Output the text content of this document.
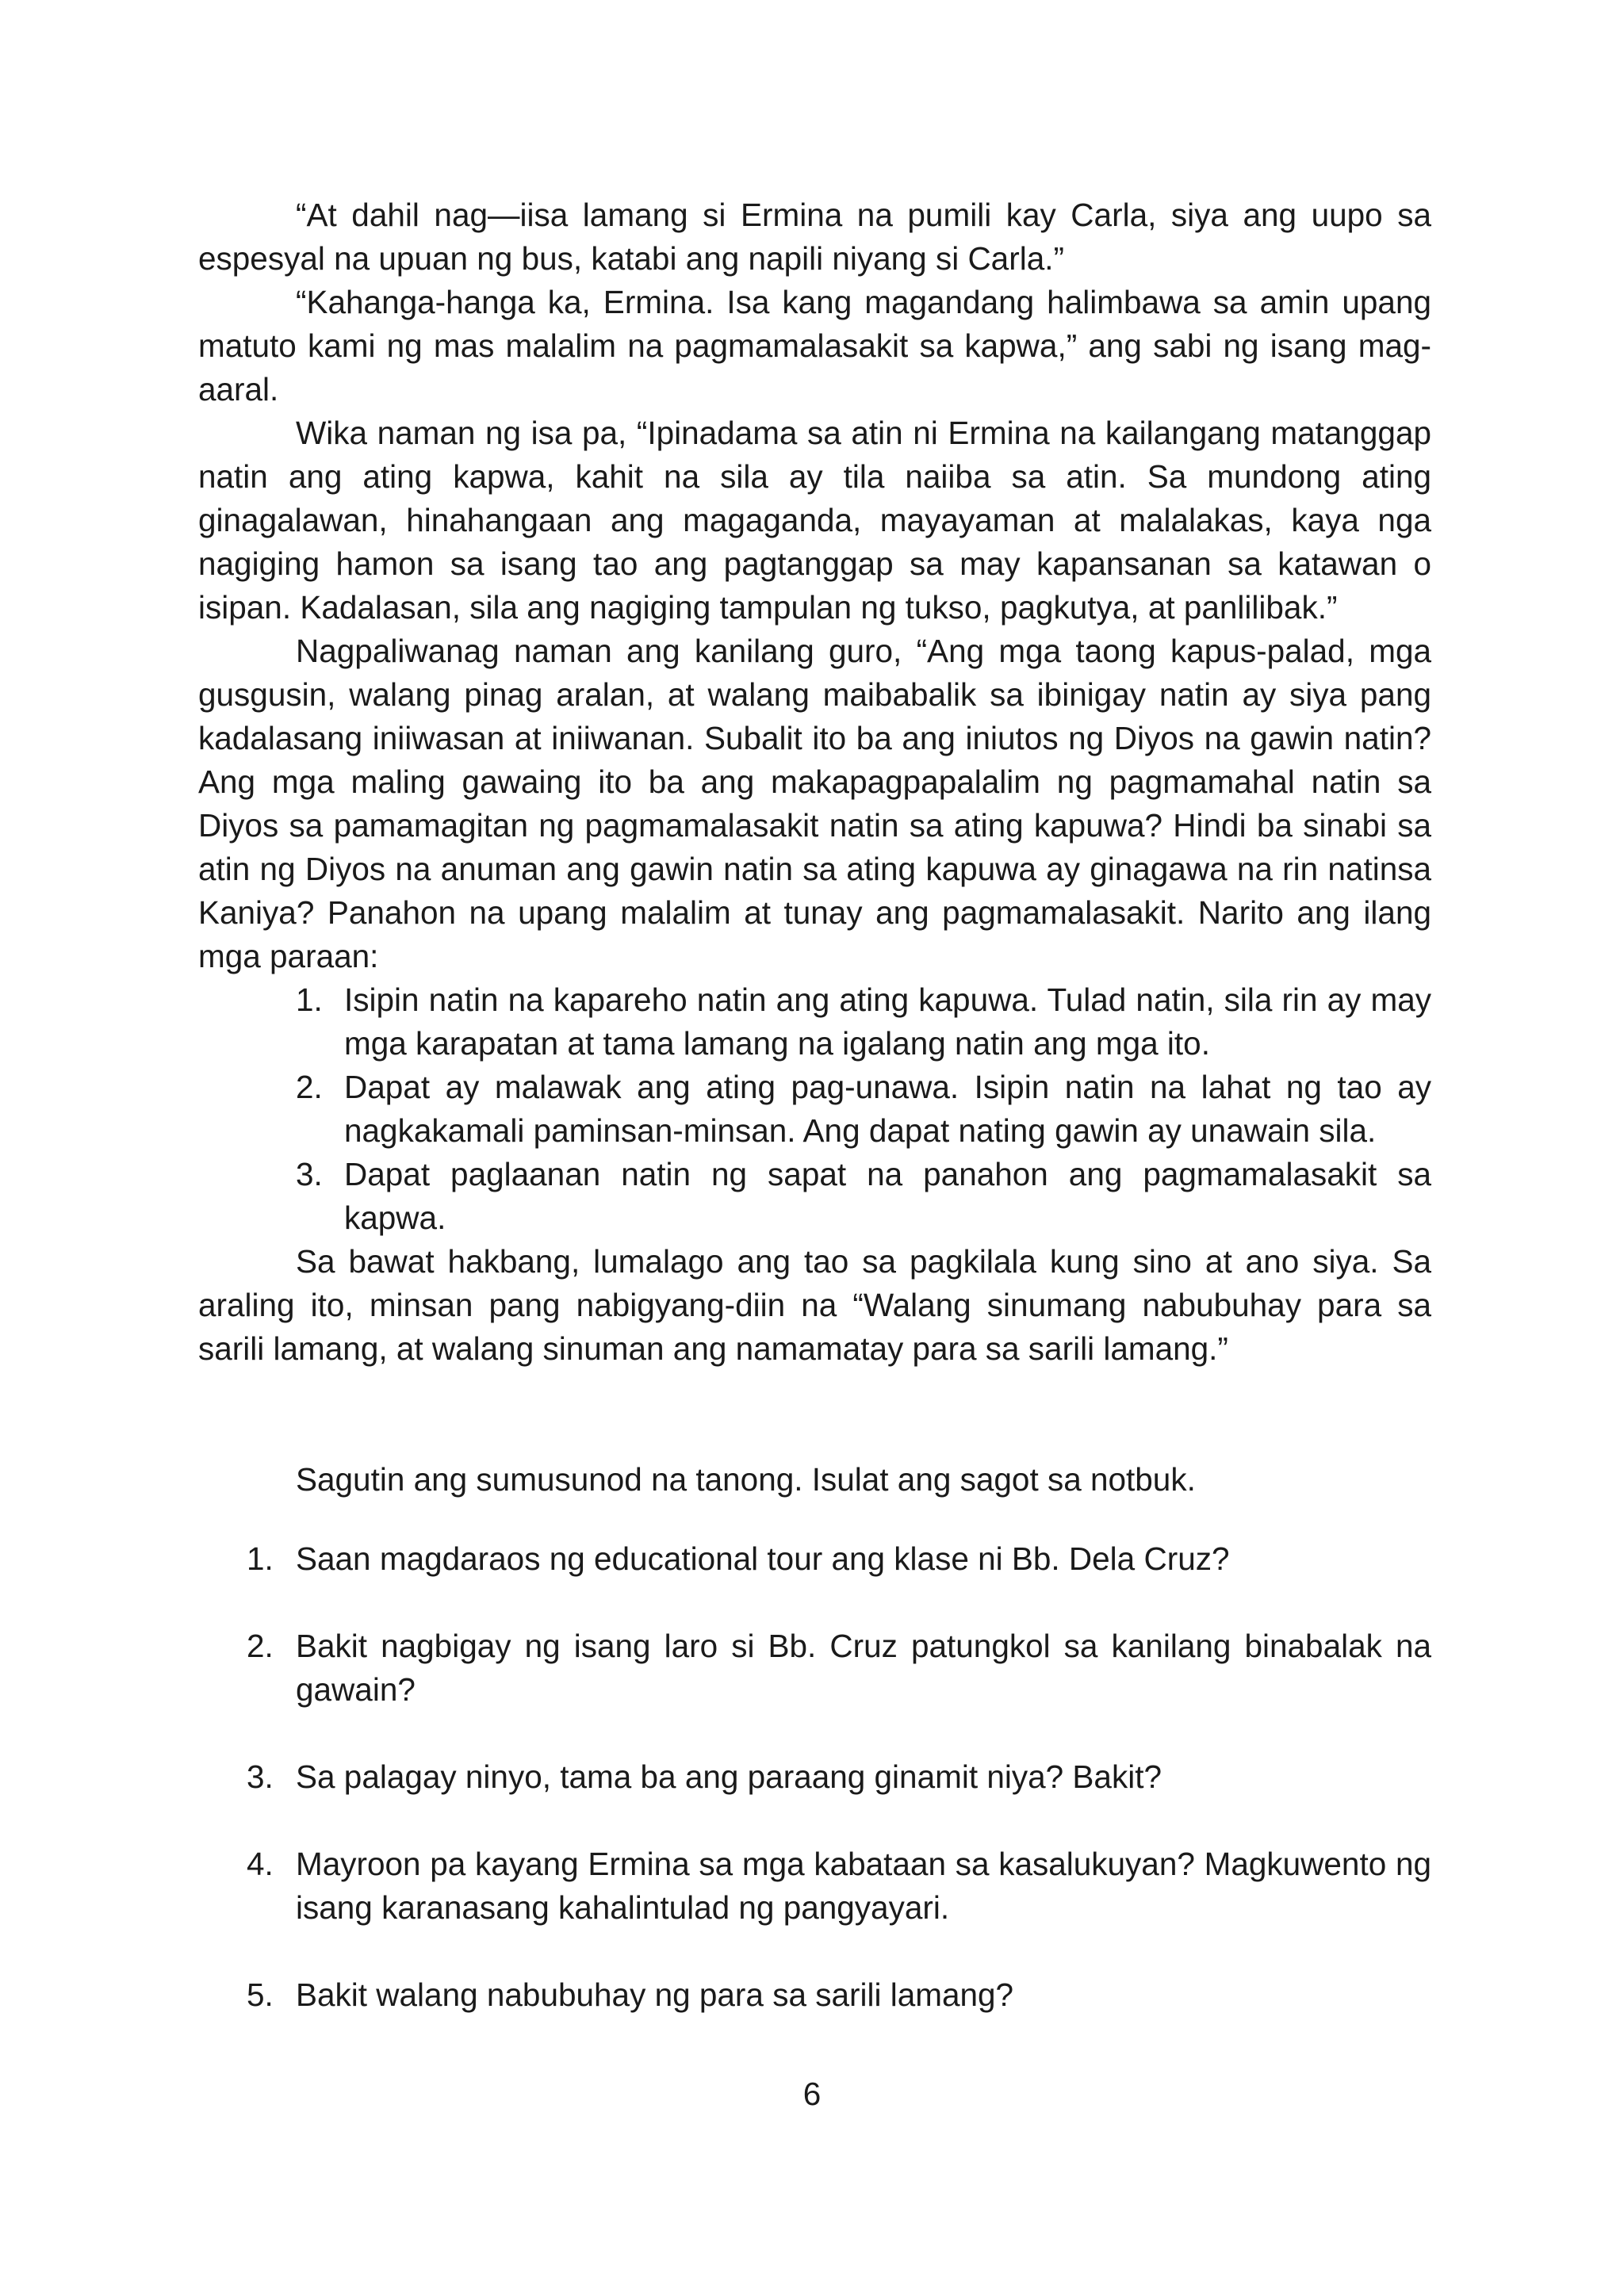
“At dahil nag—iisa lamang si Ermina na pumili kay Carla, siya ang uupo sa espesyal na upuan ng bus, katabi ang napili niyang si Carla.”

“Kahanga-hanga ka, Ermina. Isa kang magandang halimbawa sa amin upang matuto kami ng mas malalim na pagmamalasakit sa kapwa,” ang sabi ng isang mag-aaral.

Wika naman ng isa pa, “Ipinadama sa atin ni Ermina na kailangang matanggap natin ang ating kapwa, kahit na sila ay tila naiiba sa atin. Sa mundong ating ginagalawan, hinahangaan ang magaganda, mayayaman at malalakas, kaya nga nagiging hamon sa isang tao ang pagtanggap sa may kapansanan sa katawan o isipan. Kadalasan, sila ang nagiging tampulan ng tukso, pagkutya, at panlilibak.”

Nagpaliwanag naman ang kanilang guro, “Ang mga taong kapus-palad, mga gusgusin, walang pinag aralan, at walang maibabalik sa ibinigay natin ay siya pang kadalasang iniiwasan at iniiwanan. Subalit ito ba ang iniutos ng Diyos na gawin natin? Ang mga maling gawaing ito ba ang makapagpapalalim ng pagmamahal natin sa Diyos sa pamamagitan ng pagmamalasakit natin sa ating kapuwa? Hindi ba sinabi sa atin ng Diyos na anuman ang gawin natin sa ating kapuwa ay ginagawa na rin natinsa Kaniya? Panahon na upang malalim at tunay ang pagmamalasakit. Narito ang ilang mga paraan:

1. Isipin natin na kapareho natin ang ating kapuwa. Tulad natin, sila rin ay may mga karapatan at tama lamang na igalang natin ang mga ito.
2. Dapat ay malawak ang ating pag-unawa. Isipin natin na lahat ng tao ay nagkakamali paminsan-minsan. Ang dapat nating gawin ay unawain sila.
3. Dapat paglaanan natin ng sapat na panahon ang pagmamalasakit sa kapwa.

Sa bawat hakbang, lumalago ang tao sa pagkilala kung sino at ano siya. Sa araling ito, minsan pang nabigyang-diin na “Walang sinumang nabubuhay para sa sarili lamang, at walang sinuman ang namamatay para sa sarili lamang.”

Sagutin ang sumusunod na tanong. Isulat ang sagot sa notbuk.

1. Saan magdaraos ng educational tour ang klase ni Bb. Dela Cruz?
2. Bakit nagbigay ng isang laro si Bb. Cruz patungkol sa kanilang binabalak na gawain?
3. Sa palagay ninyo, tama ba ang paraang ginamit niya? Bakit?
4. Mayroon pa kayang Ermina sa mga kabataan sa kasalukuyan? Magkuwento ng isang karanasang kahalintulad ng pangyayari.
5. Bakit walang nabubuhay ng para sa sarili lamang?
6
